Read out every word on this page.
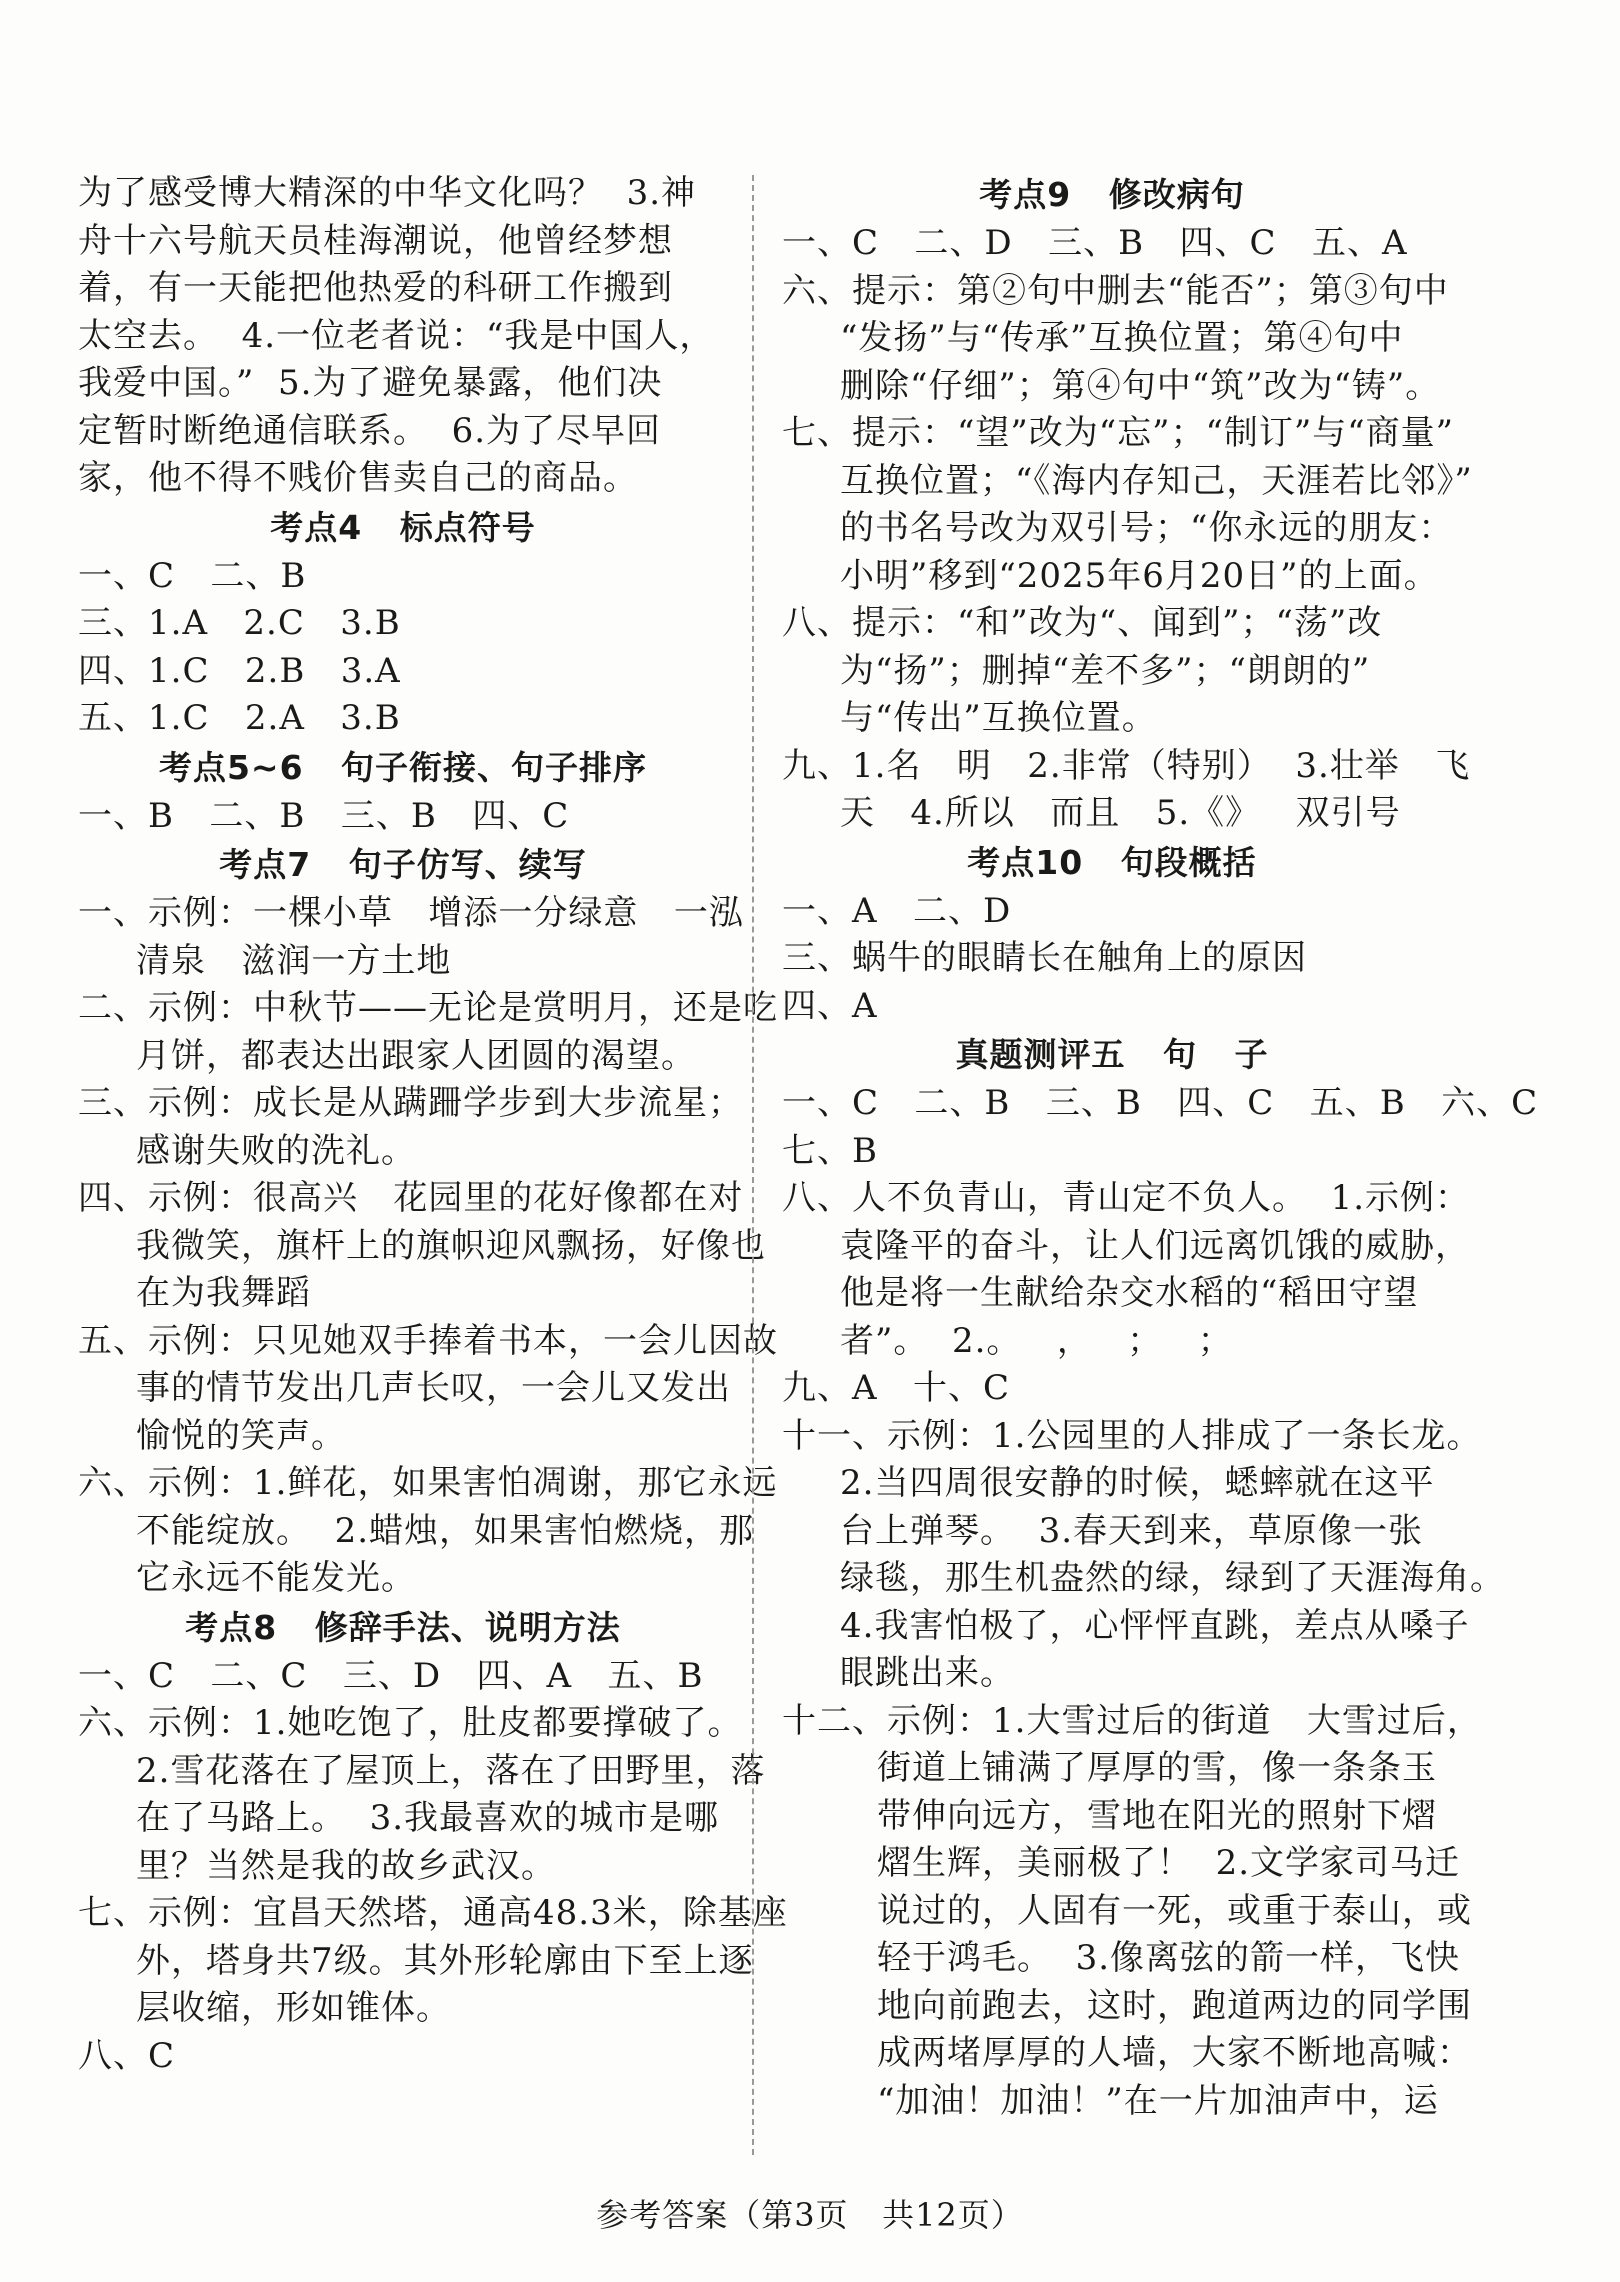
为了感受博大精深的中华文化吗？  3.神
舟十六号航天员桂海潮说，他曾经梦想
着，有一天能把他热爱的科研工作搬到
太空去。  4.一位老者说：“我是中国人，
我爱中国。”  5.为了避免暴露，他们决
定暂时断绝通信联系。  6.为了尽早回
家，他不得不贱价售卖自己的商品。
考点4   标点符号
一、C   二、B
三、1.A   2.C   3.B
四、1.C   2.B   3.A
五、1.C   2.A   3.B
考点5~6   句子衔接、句子排序
一、B   二、B   三、B   四、C
考点7   句子仿写、续写
一、示例：一棵小草   增添一分绿意   一泓
清泉   滋润一方土地
二、示例：中秋节——无论是赏明月，还是吃
月饼，都表达出跟家人团圆的渴望。
三、示例：成长是从蹒跚学步到大步流星；
感谢失败的洗礼。
四、示例：很高兴   花园里的花好像都在对
我微笑，旗杆上的旗帜迎风飘扬，好像也
在为我舞蹈
五、示例：只见她双手捧着书本，一会儿因故
事的情节发出几声长叹，一会儿又发出
愉悦的笑声。
六、示例：1.鲜花，如果害怕凋谢，那它永远
不能绽放。  2.蜡烛，如果害怕燃烧，那
它永远不能发光。
考点8   修辞手法、说明方法
一、C   二、C   三、D   四、A   五、B
六、示例：1.她吃饱了，肚皮都要撑破了。
2.雪花落在了屋顶上，落在了田野里，落
在了马路上。  3.我最喜欢的城市是哪
里？当然是我的故乡武汉。
七、示例：宜昌天然塔，通高48.3米，除基座
外，塔身共7级。其外形轮廓由下至上逐
层收缩，形如锥体。
八、C
考点9   修改病句
一、C   二、D   三、B   四、C   五、A
六、提示：第②句中删去“能否”；第③句中
“发扬”与“传承”互换位置；第④句中
删除“仔细”；第④句中“筑”改为“铸”。
七、提示：“望”改为“忘”；“制订”与“商量”
互换位置；“《海内存知己，天涯若比邻》”
的书名号改为双引号；“你永远的朋友：
小明”移到“2025年6月20日”的上面。
八、提示：“和”改为“、闻到”；“荡”改
为“扬”；删掉“差不多”；“朗朗的”
与“传出”互换位置。
九、1.名   明   2.非常（特别）  3.壮举   飞
天   4.所以   而且   5.《》   双引号
考点10   句段概括
一、A   二、D
三、蜗牛的眼睛长在触角上的原因
四、A
真题测评五   句   子
一、C   二、B   三、B   四、C   五、B   六、C
七、B
八、人不负青山，青山定不负人。  1.示例：
袁隆平的奋斗，让人们远离饥饿的威胁，
他是将一生献给杂交水稻的“稻田守望
者”。  2.。   ，   ；   ；
九、A   十、C
十一、示例：1.公园里的人排成了一条长龙。
2.当四周很安静的时候，蟋蟀就在这平
台上弹琴。  3.春天到来，草原像一张
绿毯，那生机盎然的绿，绿到了天涯海角。
4.我害怕极了，心怦怦直跳，差点从嗓子
眼跳出来。
十二、示例：1.大雪过后的街道   大雪过后，
街道上铺满了厚厚的雪，像一条条玉
带伸向远方，雪地在阳光的照射下熠
熠生辉，美丽极了！  2.文学家司马迁
说过的，人固有一死，或重于泰山，或
轻于鸿毛。  3.像离弦的箭一样，飞快
地向前跑去，这时，跑道两边的同学围
成两堵厚厚的人墙，大家不断地高喊：
“加油！加油！”在一片加油声中，运
参考答案（第3页   共12页）
